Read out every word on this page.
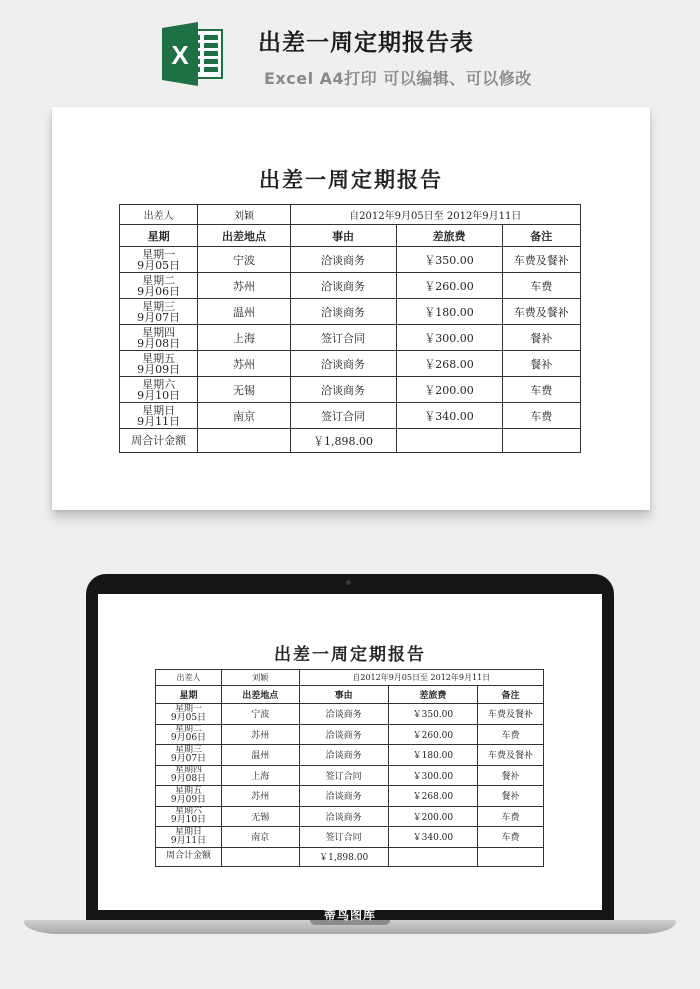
X	出差一周定期报告表
Excel A4打印 可以编辑、可以修改
出差一周定期报告
出差人	刘颖	自2012年9月05日至 2012年9月11日		
星期	出差地点	事由	差旅费	备注
星期一
9月05日	宁波	洽谈商务	￥350.00	车费及餐补
星期二
9月06日	苏州	洽谈商务	￥260.00	车费
星期三
9月07日	温州	洽谈商务	￥180.00	车费及餐补
星期四
9月08日	上海	签订合同	￥300.00	餐补
星期五
9月09日	苏州	洽谈商务	￥268.00	餐补
星期六
9月10日	无锡	洽谈商务	￥200.00	车费
星期日
9月11日	南京	签订合同	￥340.00	车费
周合计金额		￥1,898.00		
出差一周定期报告
出差人	刘颖	自2012年9月05日至 2012年9月11日		
星期	出差地点	事由	差旅费	备注
星期一
9月05日	宁波	洽谈商务	￥350.00	车费及餐补
星期二
9月06日	苏州	洽谈商务	￥260.00	车费
星期三
9月07日	温州	洽谈商务	￥180.00	车费及餐补
星期四
9月08日	上海	签订合同	￥300.00	餐补
星期五
9月09日	苏州	洽谈商务	￥268.00	餐补
星期六
9月10日	无锡	洽谈商务	￥200.00	车费
星期日
9月11日	南京	签订合同	￥340.00	车费
周合计金额		￥1,898.00		
蒂鸟图库
